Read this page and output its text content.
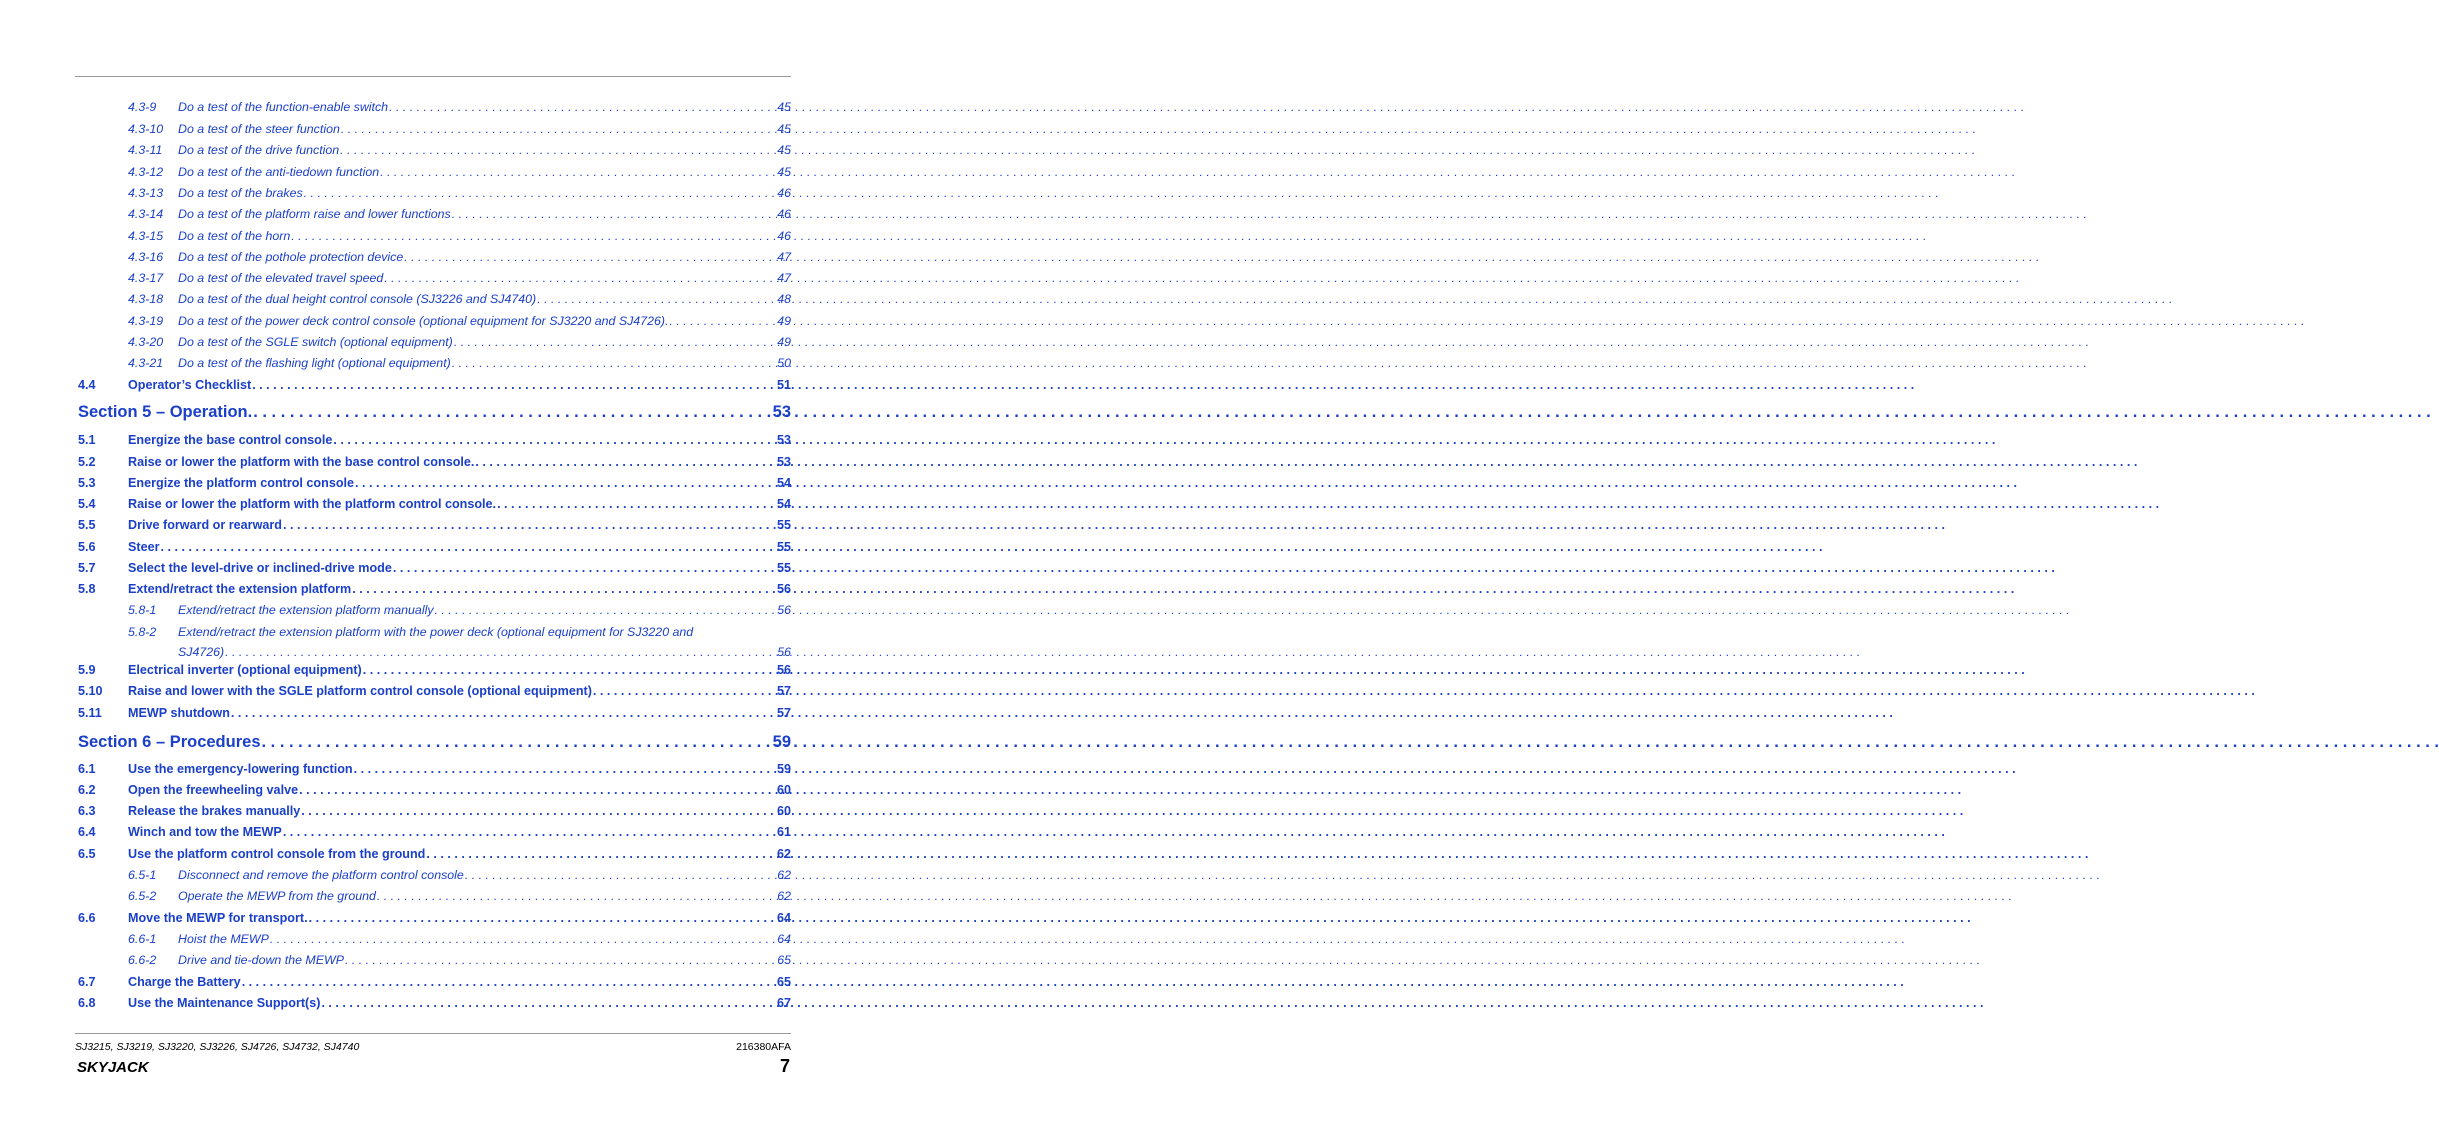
4.3-9	Do a test of the function-enable switch . . .	45
4.3-10	Do a test of the steer function . . .	45
4.3-11	Do a test of the drive function . . .	45
4.3-12	Do a test of the anti-tiedown function . . .	45
4.3-13	Do a test of the brakes . . .	46
4.3-14	Do a test of the platform raise and lower functions . . .	46
4.3-15	Do a test of the horn . . .	46
4.3-16	Do a test of the pothole protection device . . .	47
4.3-17	Do a test of the elevated travel speed . . .	47
4.3-18	Do a test of the dual height control console (SJ3226 and SJ4740) . . .	48
4.3-19	Do a test of the power deck control console (optional equipment for SJ3220 and SJ4726). . . .	49
4.3-20	Do a test of the SGLE switch (optional equipment) . . .	49
4.3-21	Do a test of the flashing light (optional equipment) . . .	50
4.4	Operator’s Checklist . . .	51
Section 5 – Operation. . . .	53
5.1	Energize the base control console . . .	53
5.2	Raise or lower the platform with the base control console. . . .	53
5.3	Energize the platform control console . . .	54
5.4	Raise or lower the platform with the platform control console. . . .	54
5.5	Drive forward or rearward . . .	55
5.6	Steer . . .	55
5.7	Select the level-drive or inclined-drive mode . . .	55
5.8	Extend/retract the extension platform . . .	56
5.8-1	Extend/retract the extension platform manually . . .	56
5.8-2	Extend/retract the extension platform with the power deck (optional equipment for SJ3220 and
SJ4726) . . .	56
5.9	Electrical inverter (optional equipment) . . .	56
5.10	Raise and lower with the SGLE platform control console (optional equipment) . . .	57
5.11	MEWP shutdown . . .	57
Section 6 – Procedures . . .	59
6.1	Use the emergency-lowering function . . .	59
6.2	Open the freewheeling valve . . .	60
6.3	Release the brakes manually . . .	60
6.4	Winch and tow the MEWP . . .	61
6.5	Use the platform control console from the ground . . .	62
6.5-1	Disconnect and remove the platform control console . . .	62
6.5-2	Operate the MEWP from the ground . . .	62
6.6	Move the MEWP for transport. . . .	64
6.6-1	Hoist the MEWP . . .	64
6.6-2	Drive and tie-down the MEWP . . .	65
6.7	Charge the Battery . . .	65
6.8	Use the Maintenance Support(s) . . .	67
SJ3215, SJ3219, SJ3220, SJ3226, SJ4726, SJ4732, SJ4740	216380AFA
SKYJACK	7
